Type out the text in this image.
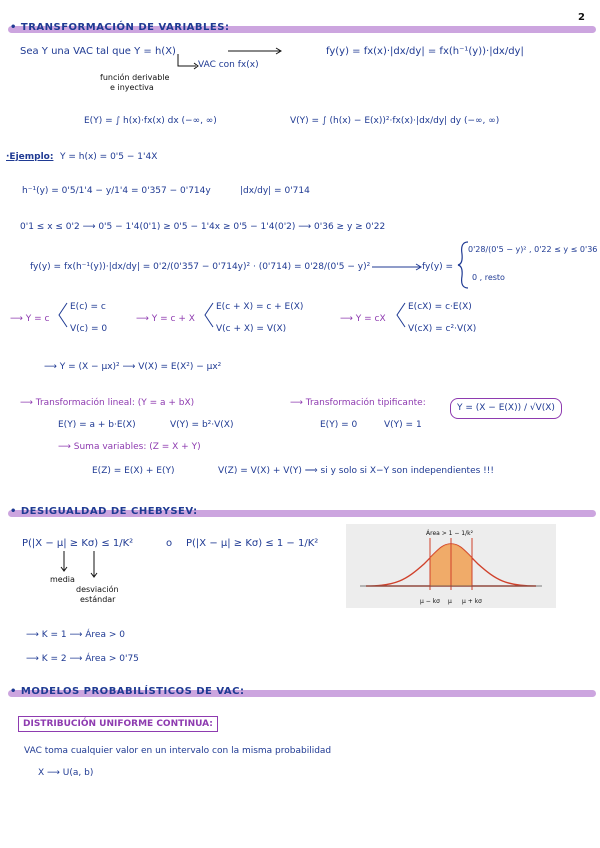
2
• TRANSFORMACIÓN DE VARIABLES:
Sea Y una VAC tal que Y = h(X)
VAC con fx(x)
función derivable
e inyectiva
fy(y) = fx(x)·|dx/dy| = fx(h⁻¹(y))·|dx/dy|
E(Y) = ∫ h(x)·fx(x) dx (−∞, ∞)	V(Y) = ∫ (h(x) − E(x))²·fx(x)·|dx/dy| dy (−∞, ∞)
·Ejemplo: Y = h(x) = 0'5 − 1'4X
h⁻¹(y) = 0'5/1'4 − y/1'4 = 0'357 − 0'714y	|dx/dy| = 0'714
0'1 ≤ x ≤ 0'2 ⟶ 0'5 − 1'4(0'1) ≥ 0'5 − 1'4x ≥ 0'5 − 1'4(0'2) ⟶ 0'36 ≥ y ≥ 0'22
fy(y) = fx(h⁻¹(y))·|dx/dy| = 0'2/(0'357 − 0'714y)² · (0'714) = 0'28/(0'5 − y)²	fy(y) =
0'28/(0'5 − y)² , 0'22 ≤ y ≤ 0'36
0 , resto
⟶ Y = c
E(c) = c
V(c) = 0
⟶ Y = c + X
E(c + X) = c + E(X)
V(c + X) = V(X)
⟶ Y = cX
E(cX) = c·E(X)
V(cX) = c²·V(X)
⟶ Y = (X − μx)² ⟶ V(X) = E(X²) − μx²
⟶ Transformación lineal: (Y = a + bX)
E(Y) = a + b·E(X)	V(Y) = b²·V(X)
⟶ Transformación tipificante:	Y = (X − E(X)) / √V(X)
E(Y) = 0	V(Y) = 1
⟶ Suma variables: (Z = X + Y)
E(Z) = E(X) + E(Y)	V(Z) = V(X) + V(Y) ⟹ si y solo si X−Y son independientes !!!
• DESIGUALDAD DE CHEBYSEV:
P(|X − μ| ≥ Kσ) ≤ 1/K²	o P(|X − μ| ≥ Kσ) ≤ 1 − 1/K²
media
desviación
estándar
⟶ K = 1 ⟶ Área > 0
⟶ K = 2 ⟶ Área > 0'75
Área > 1 − 1/k²
μ − kσ μ μ + kσ
• MODELOS PROBABILÍSTICOS DE VAC:
DISTRIBUCIÓN UNIFORME CONTINUA:
VAC toma cualquier valor en un intervalo con la misma probabilidad
X ⟶ U(a, b)
